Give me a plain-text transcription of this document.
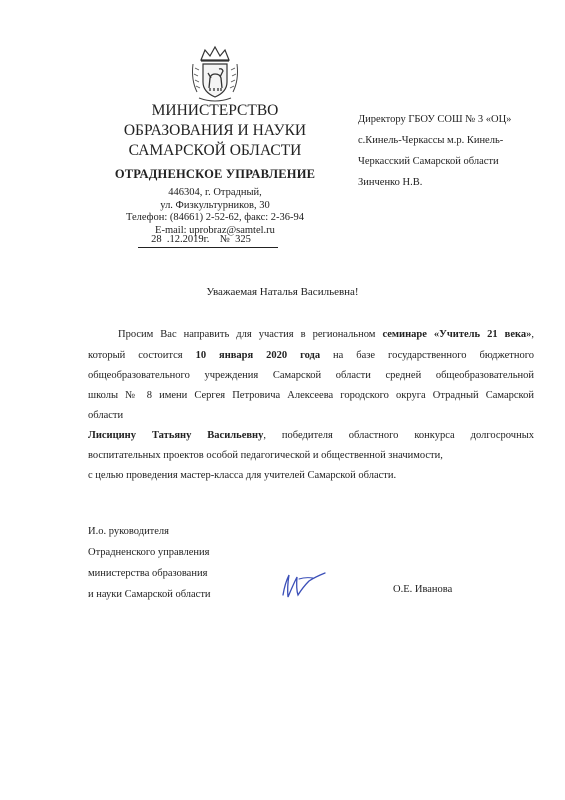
МИНИСТЕРСТВО
ОБРАЗОВАНИЯ И НАУКИ
САМАРСКОЙ ОБЛАСТИ
ОТРАДНЕНСКОЕ УПРАВЛЕНИЕ
446304, г. Отрадный,
ул. Физкультурников, 30
Телефон: (84661) 2-52-62, факс: 2-36-94
E-mail: uprobraz@samtel.ru
28  .12.2019г.    №  325
Директору ГБОУ СОШ № 3 «ОЦ»
с.Кинель-Черкассы м.р. Кинель-
Черкасский Самарской области
Зинченко Н.В.
Уважаемая Наталья Васильевна!
Просим Вас направить для участия в региональном семинаре «Учитель 21 века»,
который состоится 10 января 2020 года на базе государственного бюджетного
общеобразовательного учреждения Самарской области средней общеобразовательной
школы № 8 имени Сергея Петровича Алексеева городского округа Отрадный Самарской
области
Лисицину Татьяну Васильевну, победителя областного конкурса долгосрочных
воспитательных проектов особой педагогической и общественной значимости,
с целью проведения мастер-класса для учителей Самарской области.
И.о. руководителя
Отрадненского управления
министерства образования
и науки Самарской области	О.Е. Иванова
